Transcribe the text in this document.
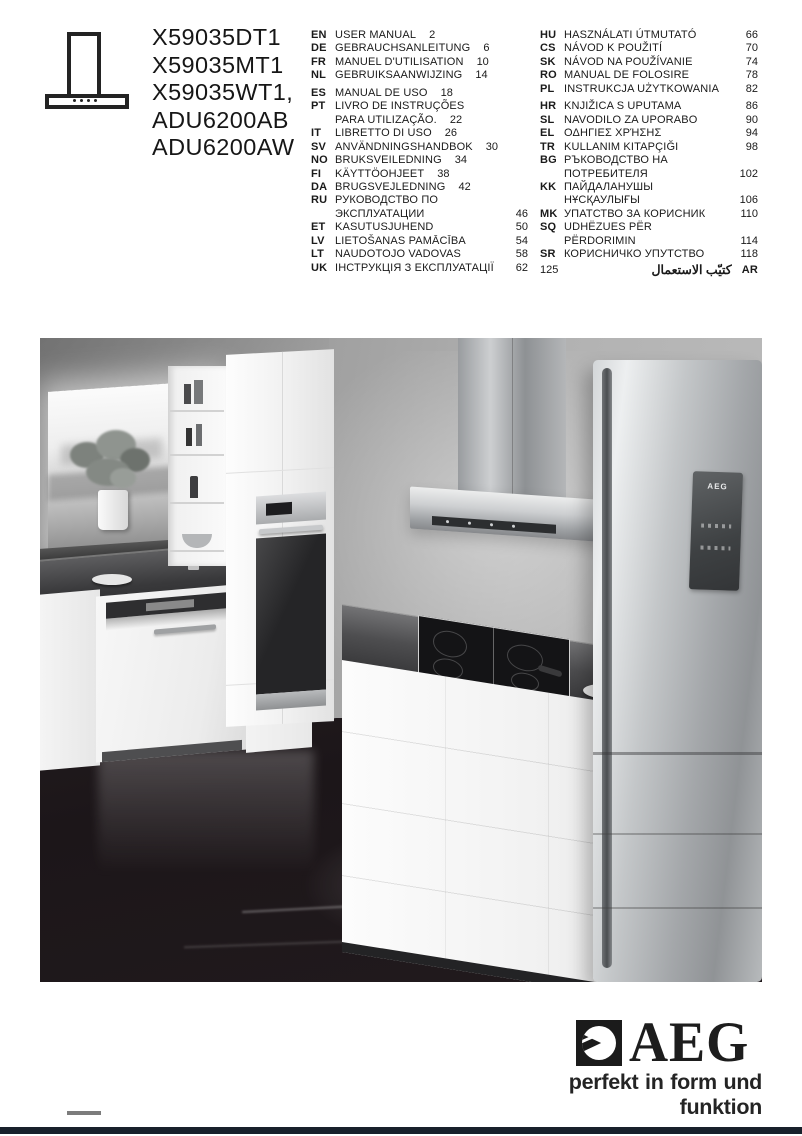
X59035DT1
X59035MT1
X59035WT1,
ADU6200AB
ADU6200AW
EN USER MANUAL 2
DE GEBRAUCHSANLEITUNG 6
FR MANUEL D'UTILISATION 10
NL GEBRUIKSAANWIJZING 14
ES MANUAL DE USO 18
PT LIVRO DE INSTRUÇÕES
PARA UTILIZAÇÃO. 22
IT	LIBRETTO DI USO 26
SV ANVÄNDNINGSHANDBOK 30
NO BRUKSVEILEDNING 34
FI	KÄYTTÖOHJEET 38
DA BRUGSVEJLEDNING 42
RU РУКОВОДСТВО ПО
ЭКСПЛУАТАЦИИ	46
ET KASUTUSJUHEND	50
LV LIETOŠANAS PAMĀCĪBA	54
LT NAUDOTOJO VADOVAS	58
UK ІНСТРУКЦІЯ З ЕКСПЛУАТАЦІЇ 62
HU HASZNÁLATI ÚTMUTATÓ	66
CS NÁVOD K POUŽITÍ	70
SK NÁVOD NA POUŽÍVANIE	74
RO MANUAL DE FOLOSIRE	78
PL INSTRUKCJA UŻYTKOWANIA 82
HR KNJIŽICA S UPUTAMA	86
SL NAVODILO ZA UPORABO	90
EL ΟΔΗΓΙΕΣ ΧΡΉΣΗΣ	94
TR KULLANIM KITAPÇIĞI	98
BG РЪКОВОДСТВО НА
ПОТРЕБИТЕЛЯ	102
KK ПАЙДАЛАНУШЫ
НҰСҚАУЛЫҒЫ	106
MK УПАТСТВО ЗА КОРИСНИК	110
SQ UDHËZUES PËR
PËRDORIMIN	114
SR КОРИСНИЧКО УПУТСТВО	118
125	كتيّب الاستعمال AR
AEG
AEG
perfekt in form und funktion
